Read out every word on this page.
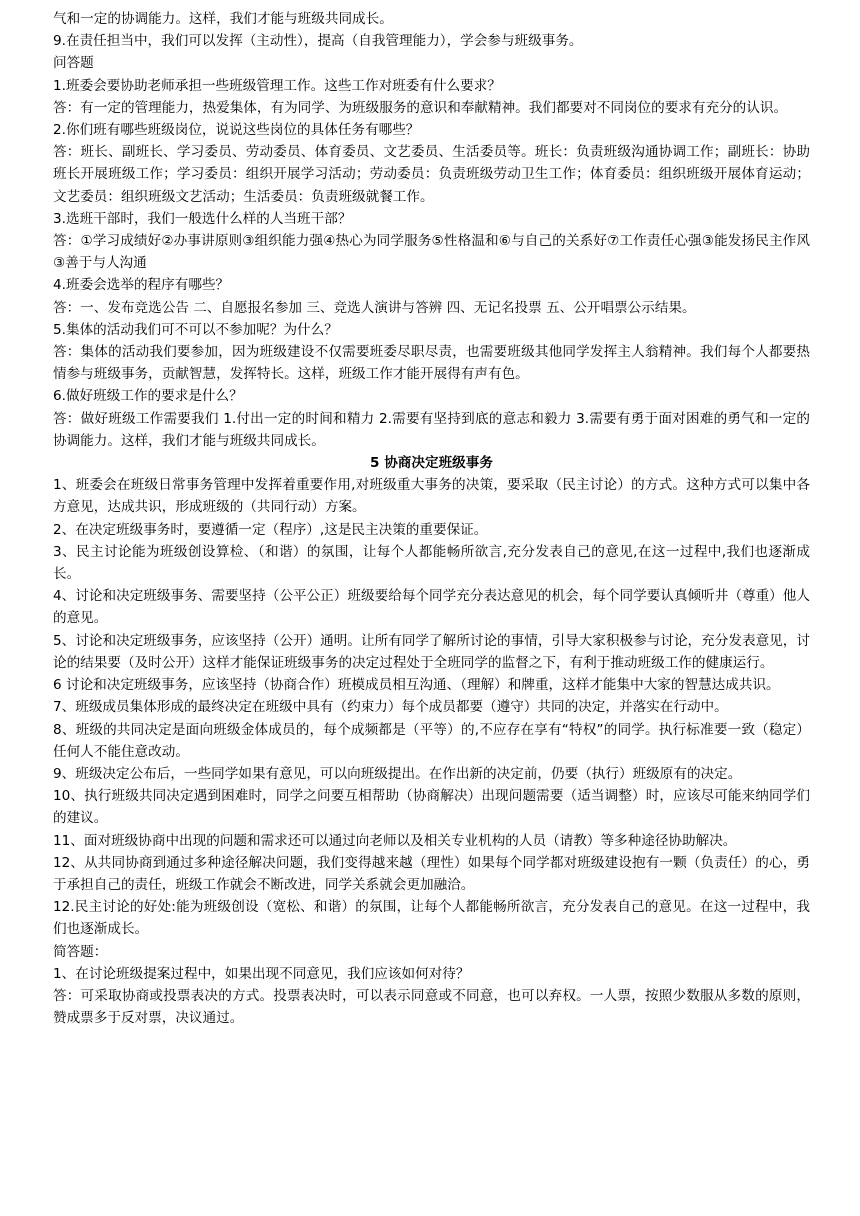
气和一定的协调能力。这样，我们才能与班级共同成长。

9.在责任担当中，我们可以发挥（主动性），提高（自我管理能力），学会参与班级事务。

问答题

1.班委会要协助老师承担一些班级管理工作。这些工作对班委有什么要求？

答：有一定的管理能力，热爱集体，有为同学、为班级服务的意识和奉献精神。我们都要对不同岗位的要求有充分的认识。

2.你们班有哪些班级岗位，说说这些岗位的具体任务有哪些？

答：班长、副班长、学习委员、劳动委员、体育委员、文艺委员、生活委员等。班长：负责班级沟通协调工作；副班长：协助班长开展班级工作；学习委员：组织开展学习活动；劳动委员：负责班级劳动卫生工作；体育委员：组织班级开展体育运动；文艺委员：组织班级文艺活动；生活委员：负责班级就餐工作。

3.选班干部时，我们一般选什么样的人当班干部？

答：①学习成绩好②办事讲原则③组织能力强④热心为同学服务⑤性格温和⑥与自己的关系好⑦工作责任心强③能发扬民主作风③善于与人沟通

4.班委会选举的程序有哪些？

答：一、发布竞选公告 二、自愿报名参加 三、竞选人演讲与答辨 四、无记名投票 五、公开唱票公示结果。

5.集体的活动我们可不可以不参加呢？为什么？

答：集体的活动我们要参加，因为班级建设不仅需要班委尽职尽责，也需要班级其他同学发挥主人翁精神。我们每个人都要热情参与班级事务，贡献智慧，发挥特长。这样，班级工作才能开展得有声有色。

6.做好班级工作的要求是什么？

答：做好班级工作需要我们 1.付出一定的时间和精力 2.需要有坚持到底的意志和毅力 3.需要有勇于面对困难的勇气和一定的协调能力。这样，我们才能与班级共同成长。

5 协商决定班级事务

1、班委会在班级日常事务管理中发挥着重要作用,对班级重大事务的决策，要采取（民主讨论）的方式。这种方式可以集中各方意见，达成共识，形成班级的（共同行动）方案。

2、在决定班级事务时，要遵循一定（程序）,这是民主决策的重要保证。

3、民主讨论能为班级创设算检、（和谐）的氛围，让每个人都能畅所欲言,充分发表自己的意见,在这一过程中,我们也逐渐成长。

4、讨论和决定班级事务、需要坚持（公平公正）班级要给每个同学充分表达意见的机会，每个同学要认真倾听井（尊重）他人的意见。

5、讨论和决定班级事务，应该坚持（公开）通明。让所有同学了解所讨论的事情，引导大家积极参与讨论，充分发表意见，讨论的结果要（及时公开）这样才能保证班级事务的决定过程处于全班同学的监督之下，有利于推动班级工作的健康运行。

6 讨论和决定班级事务，应该坚持（协商合作）班模成员相互沟通、（理解）和牌重，这样才能集中大家的智慧达成共识。

7、班级成员集体形成的最终决定在班级中具有（约束力）每个成员都要（遵守）共同的决定，并落实在行动中。

8、班级的共同决定是面向班级金体成员的，每个成频都是（平等）的,不应存在享有“特权”的同学。执行标准要一致（稳定）任何人不能住意改动。

9、班级决定公布后，一些同学如果有意见，可以向班级提出。在作出新的决定前，仍要（执行）班级原有的决定。

10、执行班级共同决定遇到困难时，同学之问要互相帮助（协商解决）出现问题需要（适当调整）时，应该尽可能来纳同学们的建议。

11、面对班级协商中出现的问题和需求还可以通过向老师以及相关专业机构的人员（请教）等多种途径协助解决。

12、从共同协商到通过多种途径解决问题，我们变得越来越（理性）如果每个同学都对班级建设抱有一颗（负责任）的心，勇于承担自己的责任，班级工作就会不断改进，同学关系就会更加融洽。

12.民主讨论的好处:能为班级创设（宽松、和谐）的氛围，让每个人都能畅所欲言，充分发表自己的意见。在这一过程中，我们也逐渐成长。

简答题：

1、在讨论班级提案过程中，如果出现不同意见，我们应该如何对待？

答：可采取协商或投票表决的方式。投票表决时，可以表示同意或不同意，也可以弃权。一人票，按照少数服从多数的原则，赞成票多于反对票，决议通过。
